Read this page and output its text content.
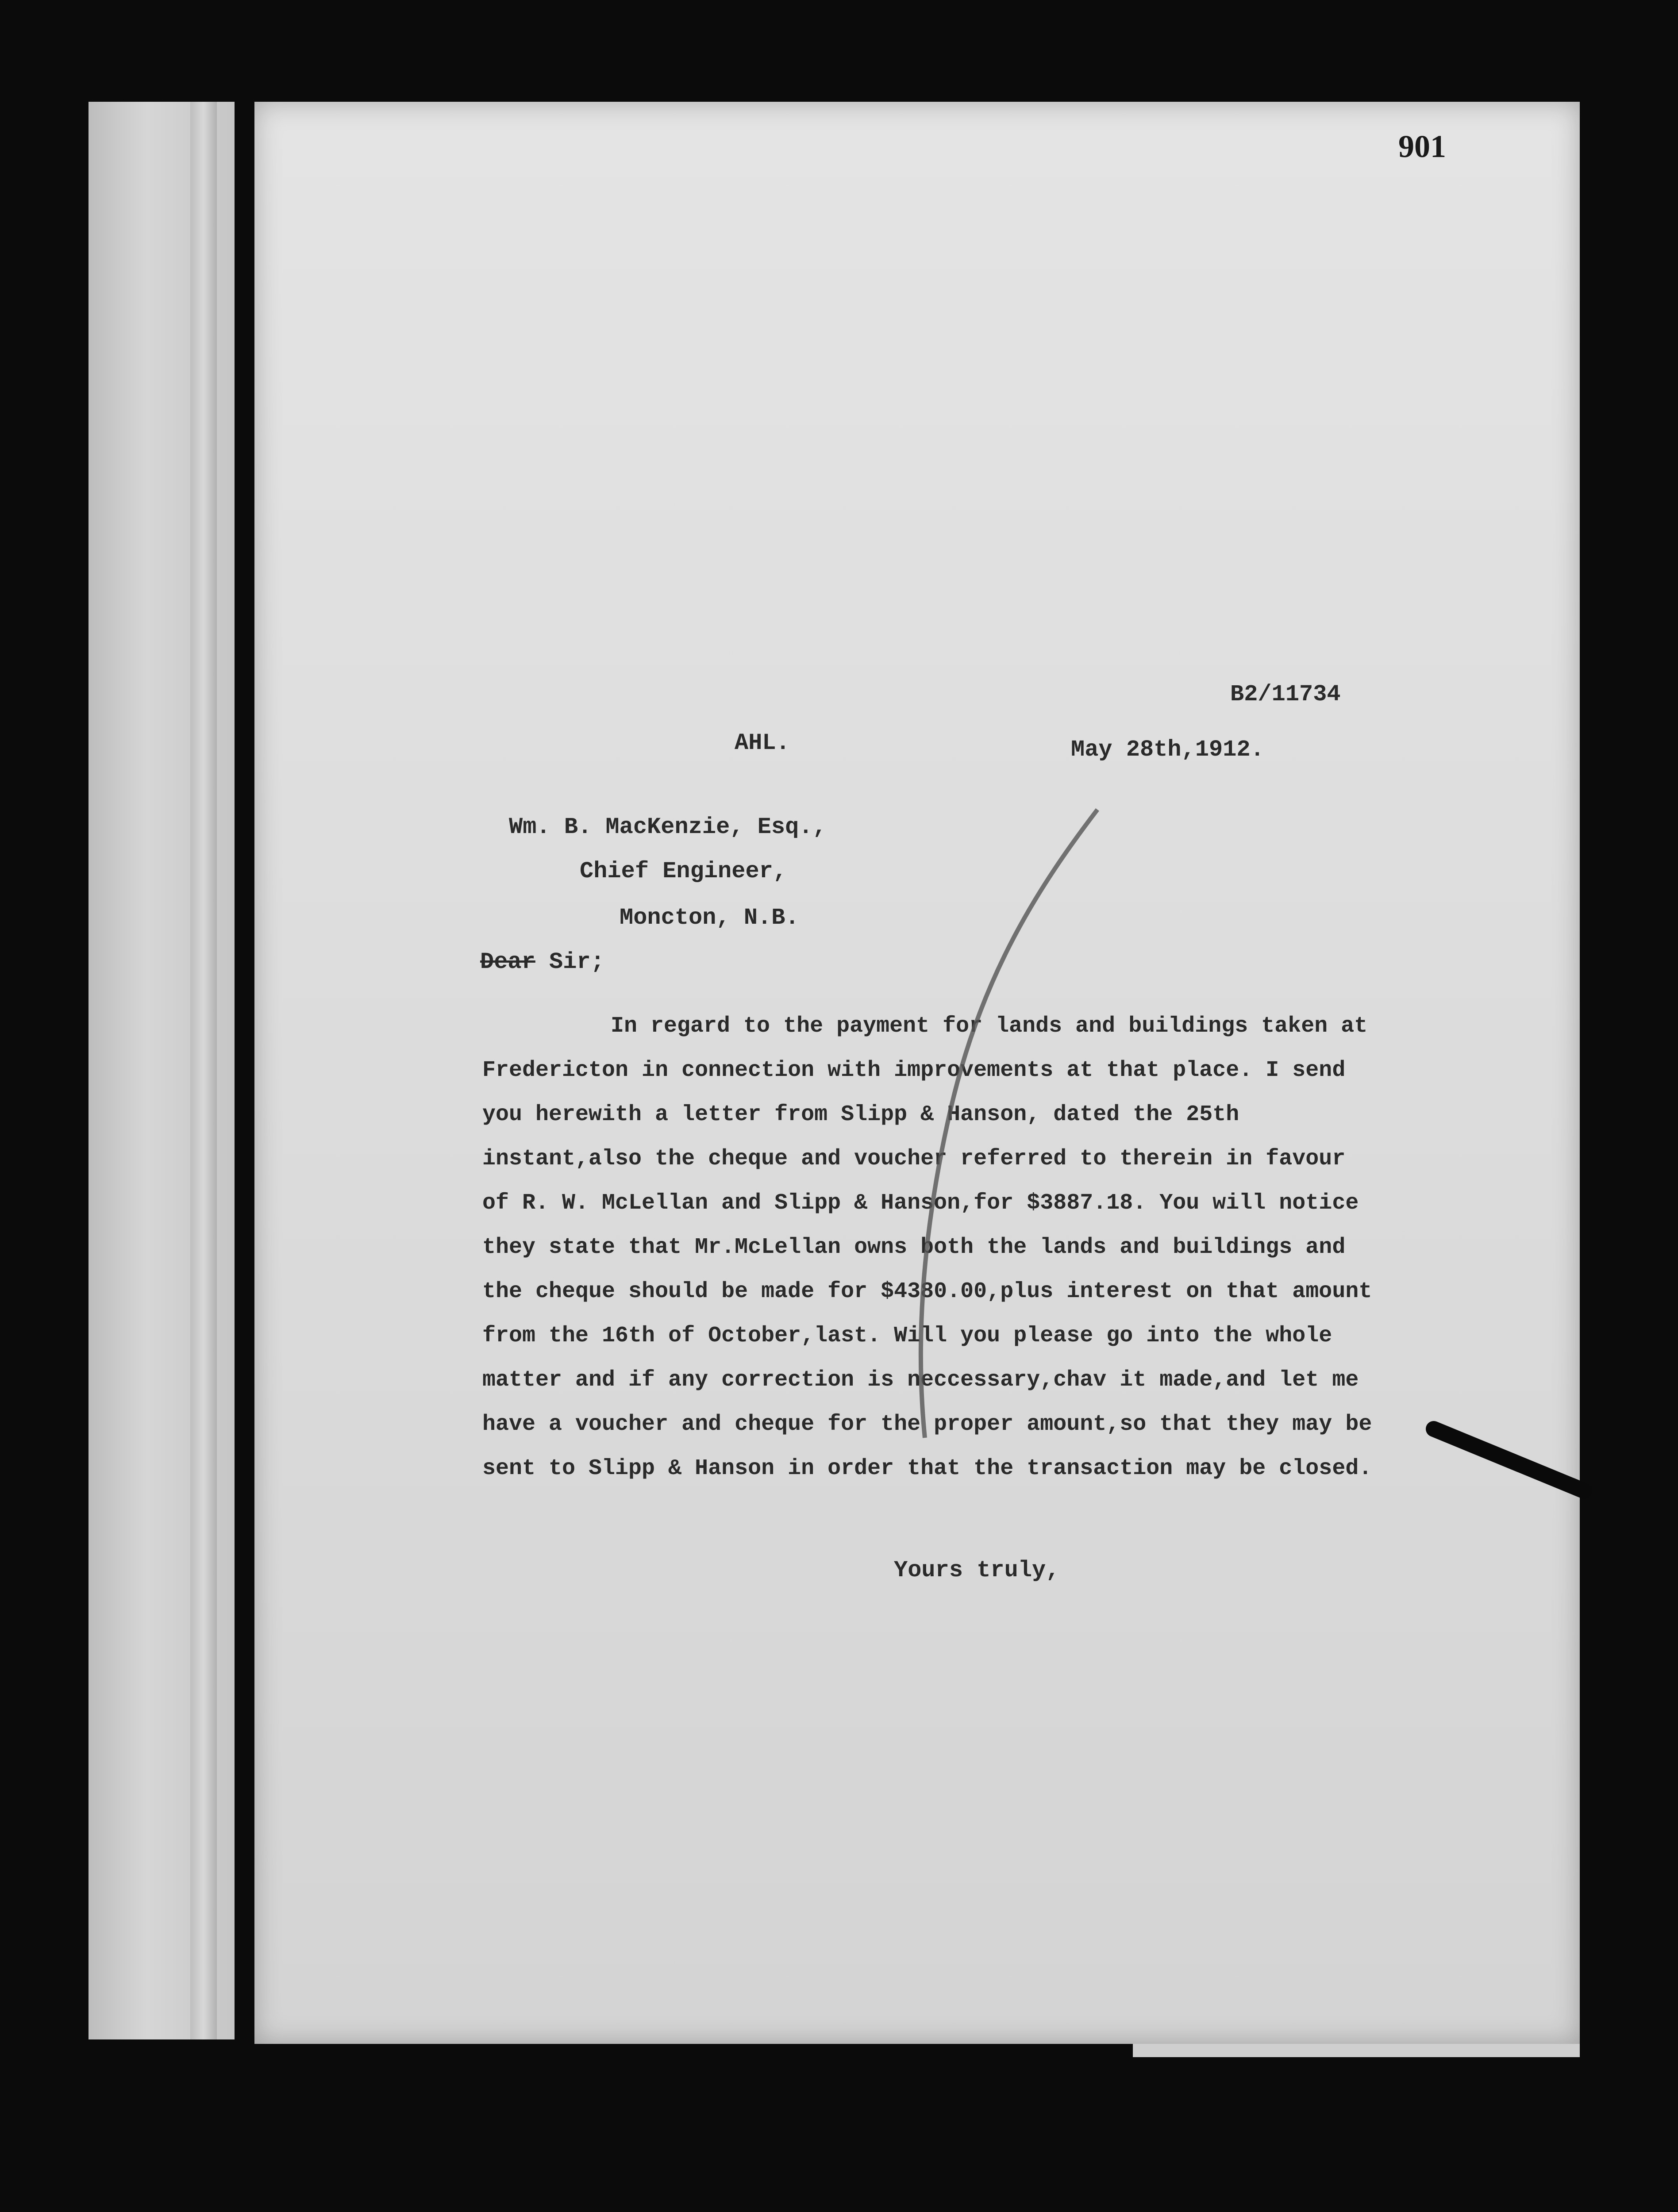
901
B2/11734
AHL.	May 28th,1912.
Wm. B. MacKenzie, Esq.,
Chief Engineer,
Moncton, N.B.
Dear Sir;
In regard to the payment for lands and buildings taken at Fredericton in connection with improvements at that place. I send you herewith a letter from Slipp & Hanson, dated the 25th instant,also the cheque and voucher referred to therein in favour of R. W. McLellan and Slipp & Hanson,for $3887.18. You will notice they state that Mr.McLellan owns both the lands and buildings and the cheque should be made for $4380.00,plus interest on that amount from the 16th of October,last. Will you please go into the whole matter and if any correction is neccessary,chav it made,and let me have a voucher and cheque for the proper amount,so that they may be sent to Slipp & Hanson in order that the transaction may be closed.
Yours truly,
